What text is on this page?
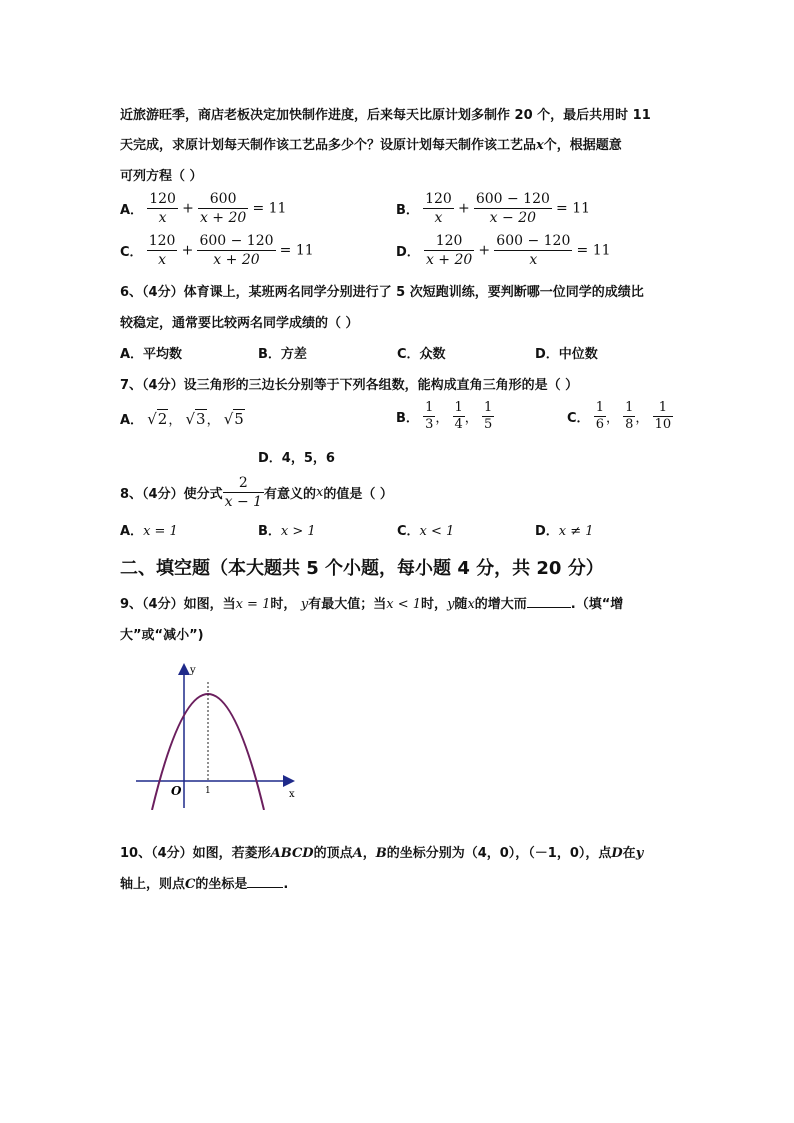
近旅游旺季，商店老板决定加快制作进度，后来每天比原计划多制作 20 个，最后共用时 11
天完成，求原计划每天制作该工艺品多少个？设原计划每天制作该工艺品x个，根据题意
可列方程（ ）
A． $\frac{120}{x} + \frac{600}{x + 20} = 11$	B． $\frac{120}{x} + \frac{600 - 120}{x - 20} = 11$
C． $\frac{120}{x} + \frac{600 - 120}{x + 20} = 11$	D． $\frac{120}{x + 20} + \frac{600 - 120}{x} = 11$
6、（4分）体育课上，某班两名同学分别进行了 5 次短跑训练，要判断哪一位同学的成绩比
较稳定，通常要比较两名同学成绩的（ ）
A．平均数	B．方差	C．众数	D．中位数
7、（4分）设三角形的三边长分别等于下列各组数，能构成直角三角形的是（ ）
A． √2， √3， √5	B． $\frac{1}{3}$ ， $\frac{1}{4}$ ， $\frac{1}{5}$	C． $\frac{1}{6}$ ， $\frac{1}{8}$ ， $\frac{1}{10}$
D．4，5，6
8、（4分）使分式 $\frac{2}{x - 1}$ 有意义的x的值是（ ）
A．x = 1	B．x > 1	C．x < 1	D．x ≠ 1
二、填空题（本大题共 5 个小题，每小题 4 分，共 20 分）
9、（4分）如图，当x = 1时， y有最大值；当x < 1时，y随x的增大而	.（填“增
大”或“减小”)
y
x
O	1
10、（4分）如图，若菱形ABCD的顶点A，B的坐标分别为（4，0），（－1，0），点D在y
轴上，则点C的坐标是	.
